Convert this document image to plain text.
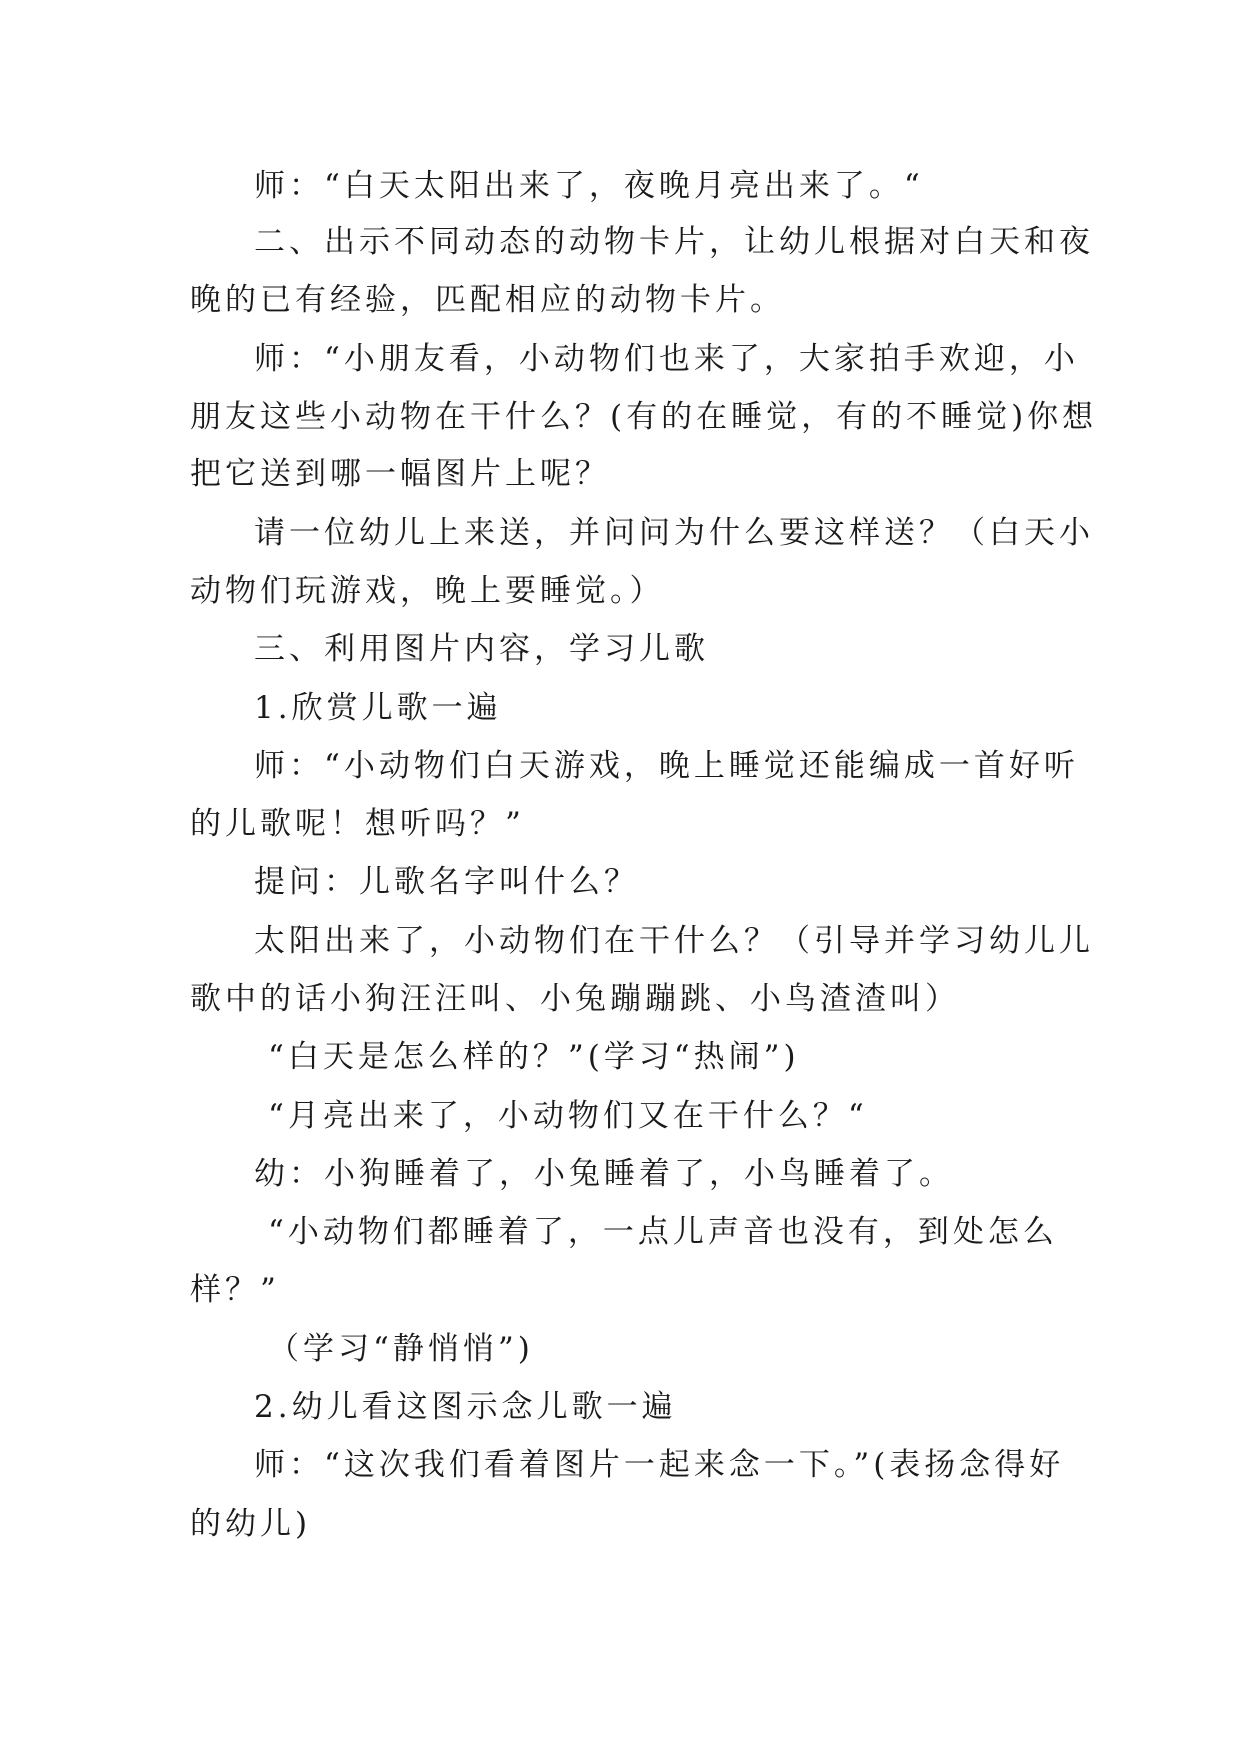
师：“白天太阳出来了，夜晚月亮出来了。“
二、出示不同动态的动物卡片，让幼儿根据对白天和夜
晚的已有经验，匹配相应的动物卡片。
师：“小朋友看，小动物们也来了，大家拍手欢迎，小
朋友这些小动物在干什么？(有的在睡觉，有的不睡觉)你想
把它送到哪一幅图片上呢？
请一位幼儿上来送，并问问为什么要这样送？（白天小
动物们玩游戏，晚上要睡觉。）
三、利用图片内容，学习儿歌
1.欣赏儿歌一遍
师：“小动物们白天游戏，晚上睡觉还能编成一首好听
的儿歌呢！想听吗？”
提问：儿歌名字叫什么？
太阳出来了，小动物们在干什么？（引导并学习幼儿儿
歌中的话小狗汪汪叫、小兔蹦蹦跳、小鸟渣渣叫）
“白天是怎么样的？”(学习“热闹”)
“月亮出来了，小动物们又在干什么？“
幼：小狗睡着了，小兔睡着了，小鸟睡着了。
“小动物们都睡着了，一点儿声音也没有，到处怎么
样？”
（学习“静悄悄”)
2.幼儿看这图示念儿歌一遍
师：“这次我们看着图片一起来念一下。”(表扬念得好
的幼儿)
